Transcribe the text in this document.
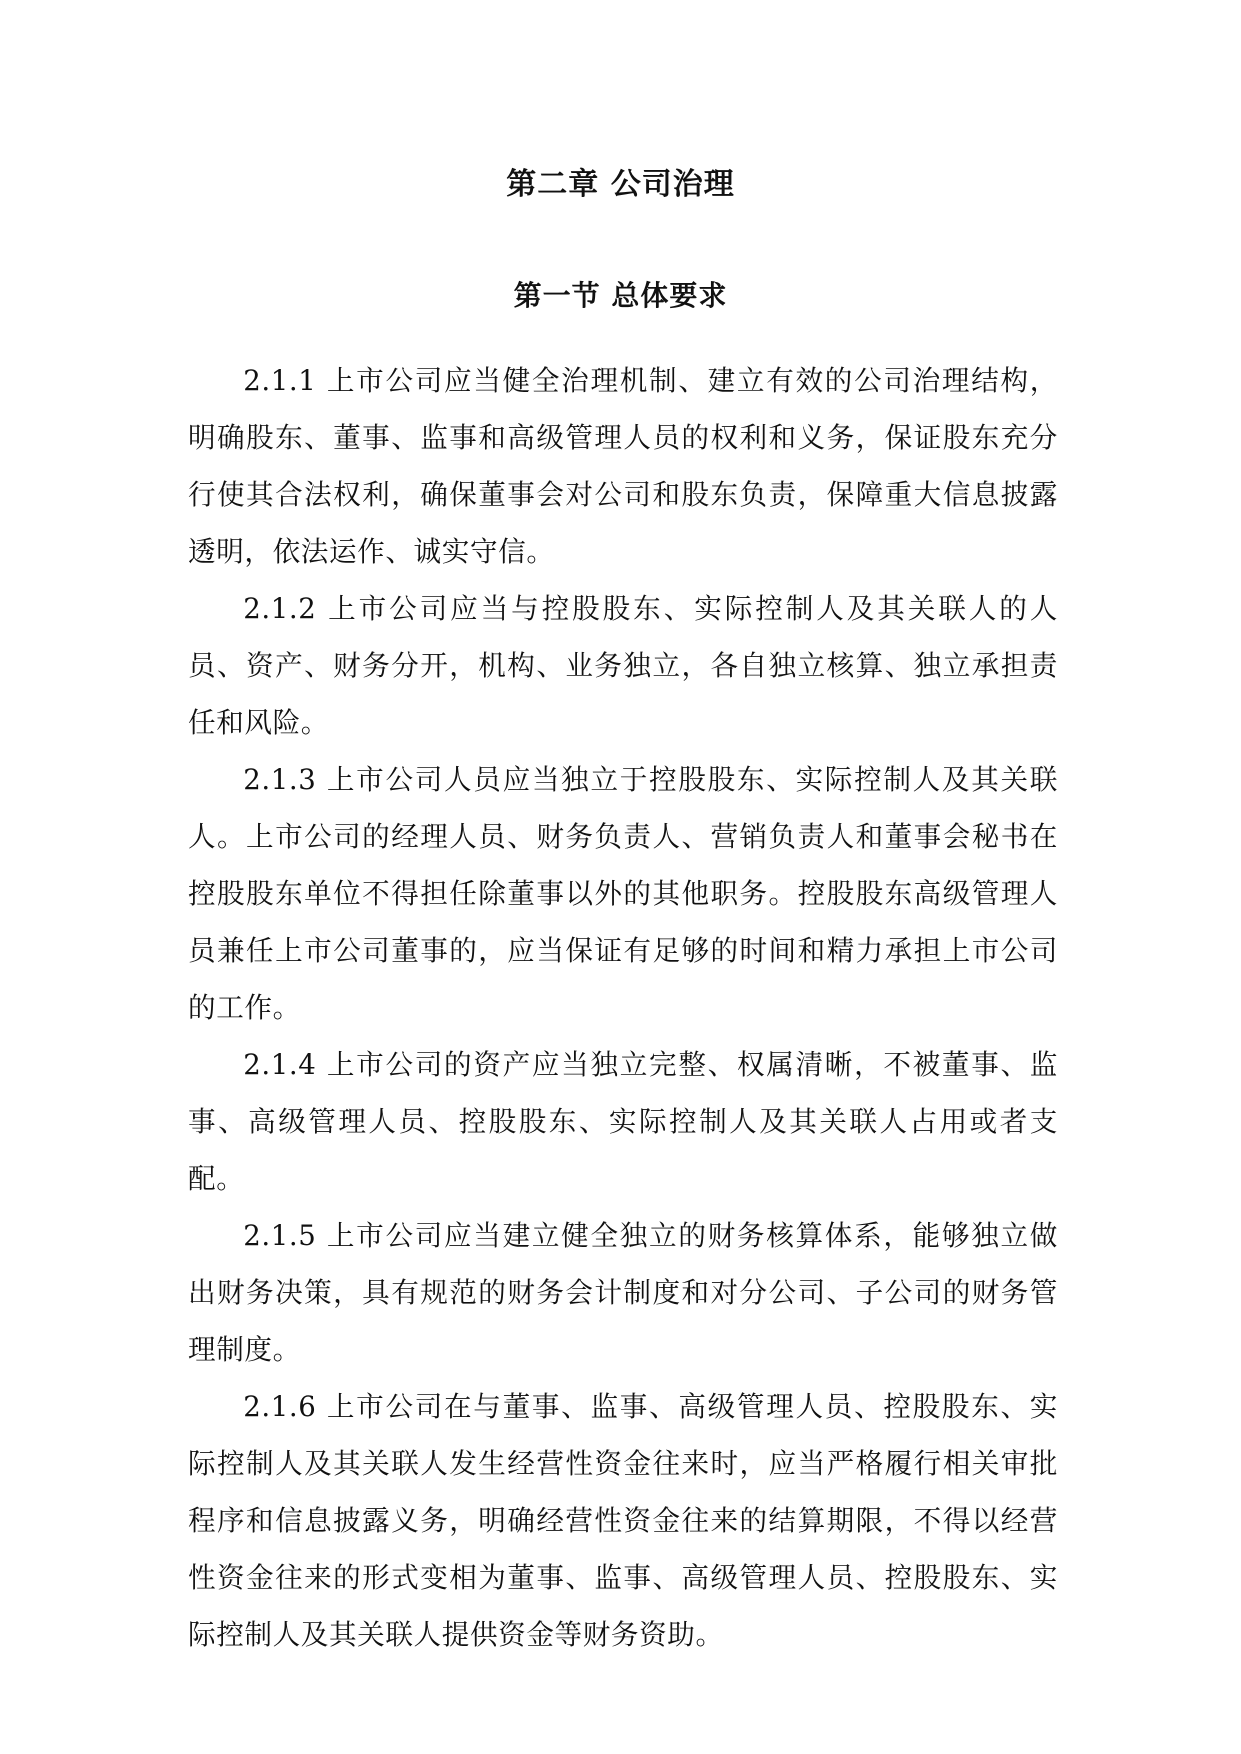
第二章 公司治理
第一节 总体要求

2.1.1 上市公司应当健全治理机制、建立有效的公司治理结构，明确股东、董事、监事和高级管理人员的权利和义务，保证股东充分行使其合法权利，确保董事会对公司和股东负责，保障重大信息披露透明，依法运作、诚实守信。

2.1.2 上市公司应当与控股股东、实际控制人及其关联人的人员、资产、财务分开，机构、业务独立，各自独立核算、独立承担责任和风险。

2.1.3 上市公司人员应当独立于控股股东、实际控制人及其关联人。上市公司的经理人员、财务负责人、营销负责人和董事会秘书在控股股东单位不得担任除董事以外的其他职务。控股股东高级管理人员兼任上市公司董事的，应当保证有足够的时间和精力承担上市公司的工作。

2.1.4 上市公司的资产应当独立完整、权属清晰，不被董事、监事、高级管理人员、控股股东、实际控制人及其关联人占用或者支配。

2.1.5 上市公司应当建立健全独立的财务核算体系，能够独立做出财务决策，具有规范的财务会计制度和对分公司、子公司的财务管理制度。

2.1.6 上市公司在与董事、监事、高级管理人员、控股股东、实际控制人及其关联人发生经营性资金往来时，应当严格履行相关审批程序和信息披露义务，明确经营性资金往来的结算期限，不得以经营性资金往来的形式变相为董事、监事、高级管理人员、控股股东、实际控制人及其关联人提供资金等财务资助。
